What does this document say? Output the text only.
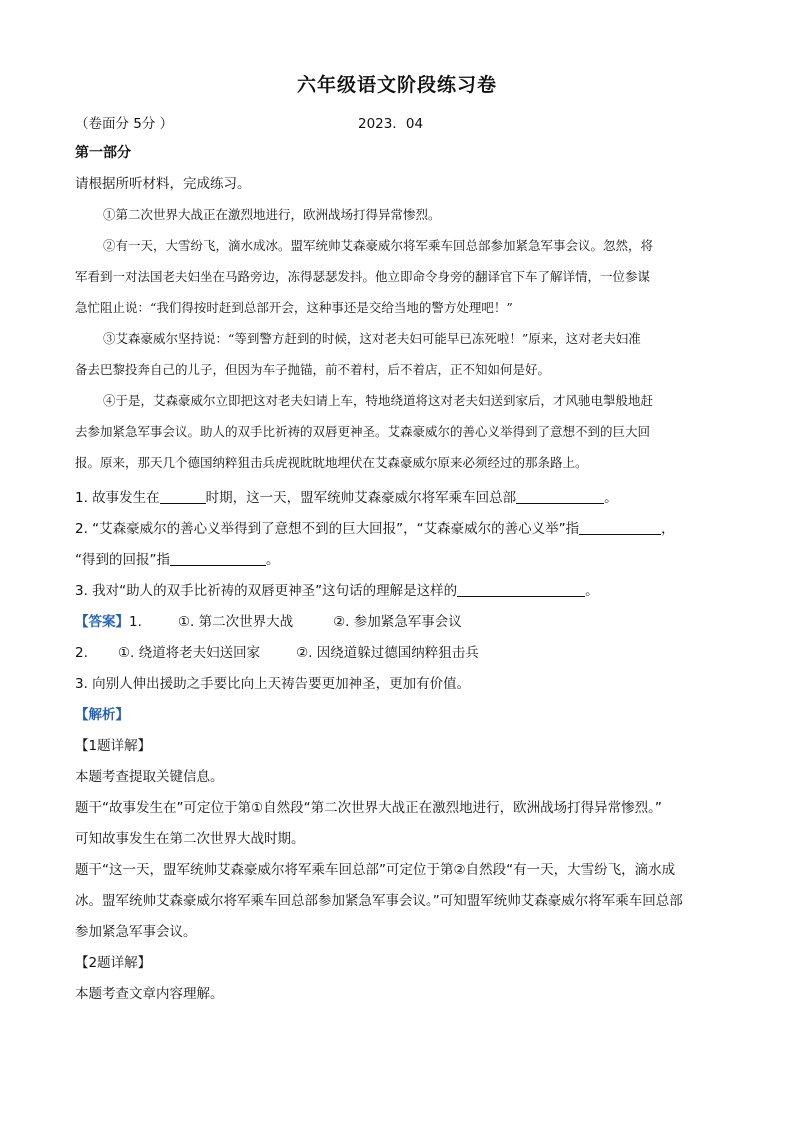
六年级语文阶段练习卷
（卷面分 5分 ）	2023．04
第一部分
请根据所听材料，完成练习。
①第二次世界大战正在激烈地进行，欧洲战场打得异常惨烈。
②有一天，大雪纷飞，滴水成冰。盟军统帅艾森豪威尔将军乘车回总部参加紧急军事会议。忽然，将
军看到一对法国老夫妇坐在马路旁边，冻得瑟瑟发抖。他立即命令身旁的翻译官下车了解详情，一位参谋
急忙阻止说：“我们得按时赶到总部开会，这种事还是交给当地的警方处理吧！”
③艾森豪威尔坚持说：“等到警方赶到的时候，这对老夫妇可能早已冻死啦！”原来，这对老夫妇准
备去巴黎投奔自己的儿子，但因为车子抛锚，前不着村，后不着店，正不知如何是好。
④于是，艾森豪威尔立即把这对老夫妇请上车，特地绕道将这对老夫妇送到家后，才风驰电掣般地赶
去参加紧急军事会议。助人的双手比祈祷的双唇更神圣。艾森豪威尔的善心义举得到了意想不到的巨大回
报。原来，那天几个德国纳粹狙击兵虎视眈眈地埋伏在艾森豪威尔原来必须经过的那条路上。
1. 故事发生在	时期，这一天，盟军统帅艾森豪威尔将军乘车回总部	。
2. “艾森豪威尔的善心义举得到了意想不到的巨大回报”，“艾森豪威尔的善心义举”指	，
“得到的回报”指	。
3. 我对“助人的双手比祈祷的双唇更神圣”这句话的理解是这样的	。
【答案】1.	①. 第二次世界大战	②. 参加紧急军事会议
2. ①. 绕道将老夫妇送回家	②. 因绕道躲过德国纳粹狙击兵
3. 向别人伸出援助之手要比向上天祷告要更加神圣，更加有价值。
【解析】
【1题详解】
本题考查提取关键信息。
题干“故事发生在”可定位于第①自然段“第二次世界大战正在激烈地进行，欧洲战场打得异常惨烈。”
可知故事发生在第二次世界大战时期。
题干“这一天，盟军统帅艾森豪威尔将军乘车回总部”可定位于第②自然段“有一天，大雪纷飞，滴水成
冰。盟军统帅艾森豪威尔将军乘车回总部参加紧急军事会议。”可知盟军统帅艾森豪威尔将军乘车回总部
参加紧急军事会议。
【2题详解】
本题考查文章内容理解。
